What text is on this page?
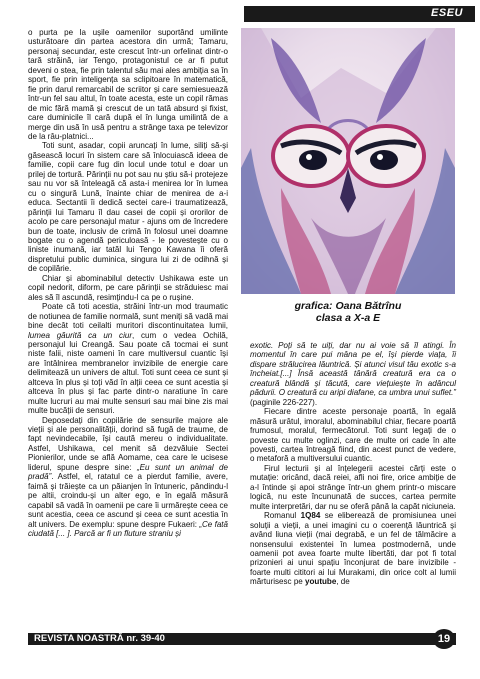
ESEU

o purta pe la ușile oamenilor suportând umilinte usturătoare din partea acestora din urmă; Tamaru, personaj secundar, este crescut într-un orfelinat dintr-o tară străină, iar Tengo, protagonistul ce ar fi putut deveni o stea, fie prin talentul său mai ales ambiția sa în sport, fie prin inteligența sa sclipitoare în matematică, fie prin darul remarcabil de scriitor și care semiesuează într-un fel sau altul, în toate acesta, este un copil rămas de mic fără mamă și crescut de un tată absurd și fixist, care duminicile îl cară după el în lunga umilintă de a merge din usă în usă pentru a strânge taxa pe televizor de la râu-platnici...

Toti sunt, asadar, copii aruncați în lume, siliți să-și găsească locuri în sistem care să înlocuiască ideea de familie, copii care fug din locul unde totul e doar un prilej de tortură. Părinții nu pot sau nu știu să-i protejeze sau nu vor să înteleagă că asta-i menirea lor în lumea cu o singură Lună, înainte chiar de menirea de a-i educa. Sectantii îi dedică sectei care-i traumatizează, părinții lui Tamaru îl dau casei de copii și ororilor de acolo pe care personajul matur - ajuns om de încredere bun de toate, inclusiv de crimă în folosul unei doamne bogate cu o agendă periculoasă - le povestește cu o liniste inumană, iar tatăl lui Tengo Kawana îi oferă dispretului public duminica, singura lui zi de odihnă și de copilărie.

Chiar și abominabilul detectiv Ushikawa este un copil nedorit, diform, pe care părinții se străduiesc mai ales să îl ascundă, resimțindu-l ca pe o rușine.

Poate că toti acestia, străini într-un mod traumatic de notiunea de familie normală, sunt meniți să vadă mai bine decât toti ceilalti muritori discontinuitatea lumii, lumea găurită ca un ciur, cum o vedea Ochilă, personajul lui Creangă. Sau poate că tocmai ei sunt niste falii, niste oameni în care multiversul cuantic își are întâlnirea membranelor invizibile de energie care delimitează un univers de altul. Toti sunt ceea ce sunt și altceva în plus și toți văd în alții ceea ce sunt acestia și altceva în plus și fac parte dintr-o naratiune în care multe lucruri au mai multe sensuri sau mai bine zis mai multe bucății de sensuri.

Deposedați din copilărie de sensurile majore ale vieții și ale personalității, dorind să fugă de traume, de fapt nevindecabile, își caută mereu o individualitate. Astfel, Ushikawa, cel menit să dezvăluie Sectei Pionierilor, unde se află Aomame, cea care le ucisese liderul, spune despre sine: „Eu sunt un animal de pradă”. Astfel, el, ratatul ce a pierdut familie, avere, faimă și trăiește ca un păianjen în întuneric, pândindu-l pe altii, croindu-și un alter ego, e în egală măsură capabil să vadă în oamenii pe care îi urmărește ceea ce sunt acestia, ceea ce ascund și ceea ce sunt acestia în alt univers. De exemplu: spune despre Fukaeri: „Ce fată ciudată [... ]. Parcă ar fi un fluture straniu și

grafica: Oana Bătrînu
clasa a X-a E

exotic. Poți să te uiți, dar nu ai voie să îl atingi. În momentul în care pui mâna pe el, își pierde viața, îi dispare strălucirea lăuntrică. Și atunci visul tău exotic s-a încheiat.[...] Însă această tânără creatură era ca o creatură blândă și tăcută, care viețuiește în adâncul pădurii. O creatură cu aripi diafane, ca umbra unui suflet.” (paginile 226-227).

Fiecare dintre aceste personaje poartă, în egală măsură urâtul, imoralul, abominabilul chiar, fiecare poartă frumosul, moralul, fermecătorul. Toti sunt legați de o poveste cu multe oglinzi, care de multe ori cade în alte povesti, cartea întreagă fiind, din acest punct de vedere, o metaforă a multiversului cuantic.

Firul lecturii și al înțelegerii acestei cărți este o mutație: oricând, dacă reiei, afli noi fire, orice ambiție de a-l întinde și apoi strânge într-un ghem printr-o miscare logică, nu este încununată de succes, cartea permite multe interpretări, dar nu se oferă până la capăt niciuneia.

Romanul 1Q84 se eliberează de promisiunea unei soluții a vieții, a unei imagini cu o coerență lăuntrică și având liuna vieții (mai degrabă, e un fel de tălmăcire a nonsensului existentei în lumea postmodernă, unde oamenii pot avea foarte multe libertăti, dar pot fi total prizonieri ai unui spațiu înconjurat de bare invizibile - foarte multi cititori ai lui Murakami, din orice colt al lumii mărturisesc pe youtube, de

REVISTA NOASTRĂ nr. 39-40	19
